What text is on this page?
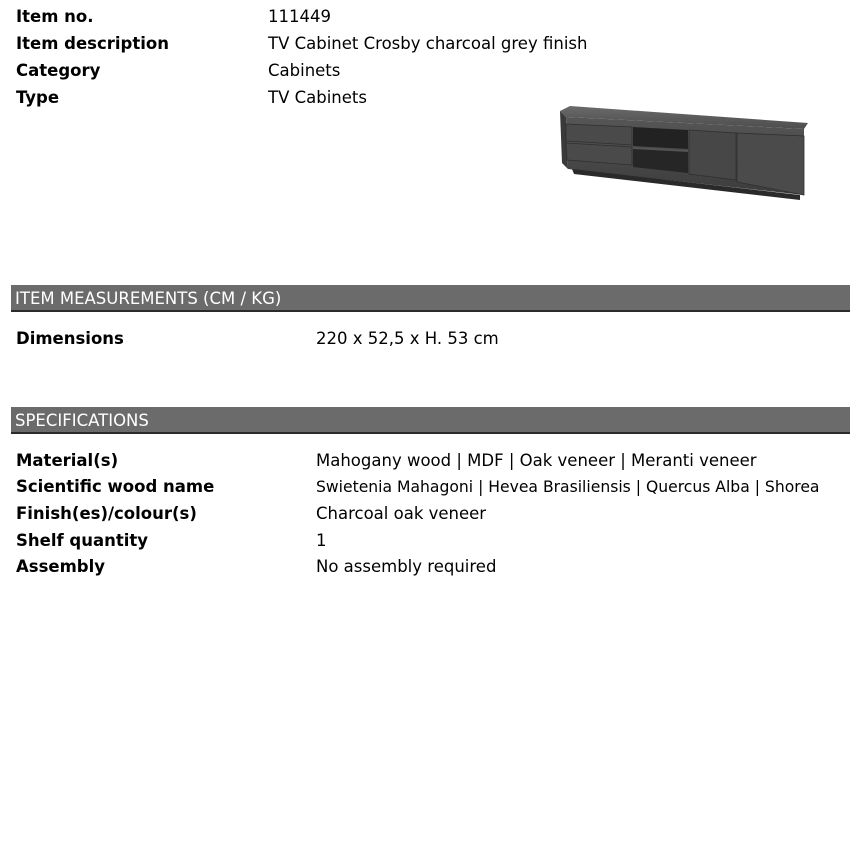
Item no.	111449
Item description	TV Cabinet Crosby charcoal grey finish
Category	Cabinets
Type	TV Cabinets
ITEM MEASUREMENTS (CM / KG)
Dimensions	220 x 52,5 x H. 53 cm
SPECIFICATIONS
Material(s)	Mahogany wood | MDF | Oak veneer | Meranti veneer
Scientific wood name	Swietenia Mahagoni | Hevea Brasiliensis | Quercus Alba | Shorea
Finish(es)/colour(s)	Charcoal oak veneer
Shelf quantity	1
Assembly	No assembly required
